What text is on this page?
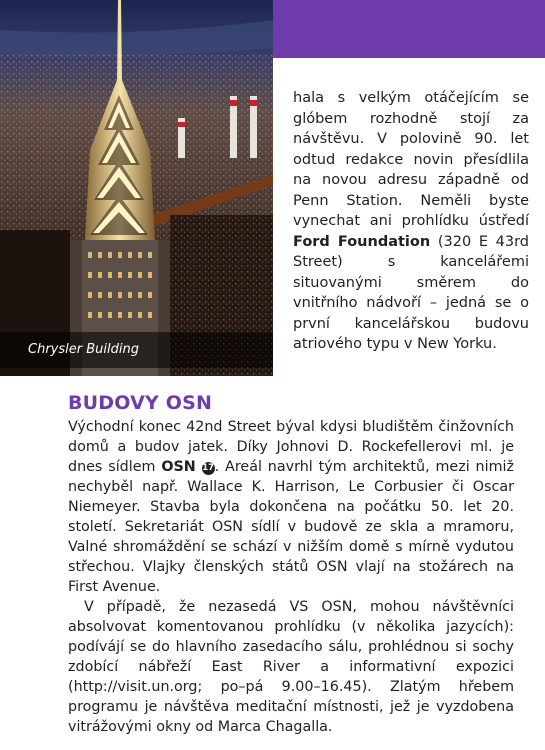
Chrysler Building
hala s velkým otáčejícím se glóbem rozhodně stojí za návštěvu. V polovině 90. let odtud redakce novin přesídlila na novou adresu západně od Penn Station. Neměli byste vynechat ani prohlídku ústředí Ford Foundation (320 E 43rd Street) s kancelářemi situovanými směrem do vnitřního nádvoří – jedná se o první kancelářskou budovu atriového typu v New Yorku.
BUDOVY OSN

Východní konec 42nd Street býval kdysi bludištěm činžovních domů a budov jatek. Díky Johnovi D. Rockefellerovi ml. je dnes sídlem OSN 17. Areál navrhl tým architektů, mezi nimiž nechyběl např. Wallace K. Harrison, Le Corbusier či Oscar Niemeyer. Stavba byla dokončena na počátku 50. let 20. století. Sekretariát OSN sídlí v budově ze skla a mramoru, Valné shromáždění se schází v nižším domě s mírně vydutou střechou. Vlajky členských států OSN vlají na stožárech na First Avenue.

V případě, že nezasedá VS OSN, mohou návštěvníci absolvovat komentovanou prohlídku (v několika jazycích): podívájí se do hlavního zasedacího sálu, prohlédnou si sochy zdobící nábřeží East River a informativní expozici (http://visit.un.org; po–pá 9.00–16.45). Zlatým hřebem programu je návštěva meditační místnosti, jež je vyzdobena vitrážovými okny od Marca Chagalla.
